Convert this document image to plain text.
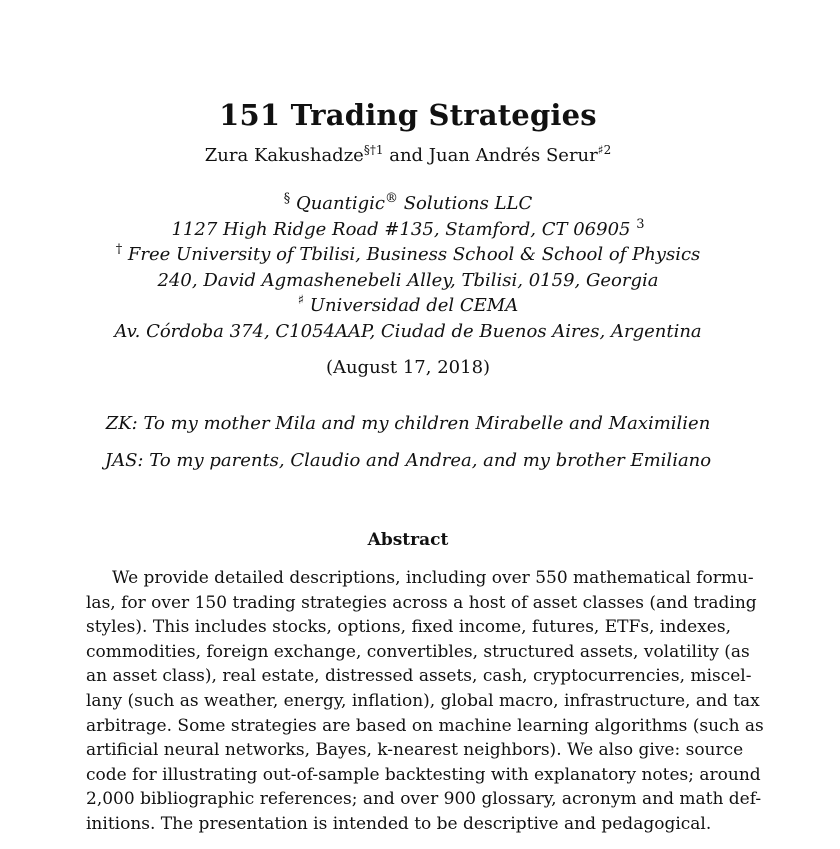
151 Trading Strategies
Zura Kakushadze$^{\S\dagger 1}$ and Juan Andrés Serur$^{♯2}$
§ Quantigic® Solutions LLC
1127 High Ridge Road #135, Stamford, CT 06905 $^3$
† Free University of Tbilisi, Business School & School of Physics
240, David Agmashenebeli Alley, Tbilisi, 0159, Georgia
♯ Universidad del CEMA
Av. Córdoba 374, C1054AAP, Ciudad de Buenos Aires, Argentina
(August 17, 2018)
ZK: To my mother Mila and my children Mirabelle and Maximilien
JAS: To my parents, Claudio and Andrea, and my brother Emiliano
Abstract
We provide detailed descriptions, including over 550 mathematical formu-
las, for over 150 trading strategies across a host of asset classes (and trading
styles). This includes stocks, options, fixed income, futures, ETFs, indexes,
commodities, foreign exchange, convertibles, structured assets, volatility (as
an asset class), real estate, distressed assets, cash, cryptocurrencies, miscel-
lany (such as weather, energy, inflation), global macro, infrastructure, and tax
arbitrage. Some strategies are based on machine learning algorithms (such as
artificial neural networks, Bayes, k-nearest neighbors). We also give: source
code for illustrating out-of-sample backtesting with explanatory notes; around
2,000 bibliographic references; and over 900 glossary, acronym and math def-
initions. The presentation is intended to be descriptive and pedagogical.
